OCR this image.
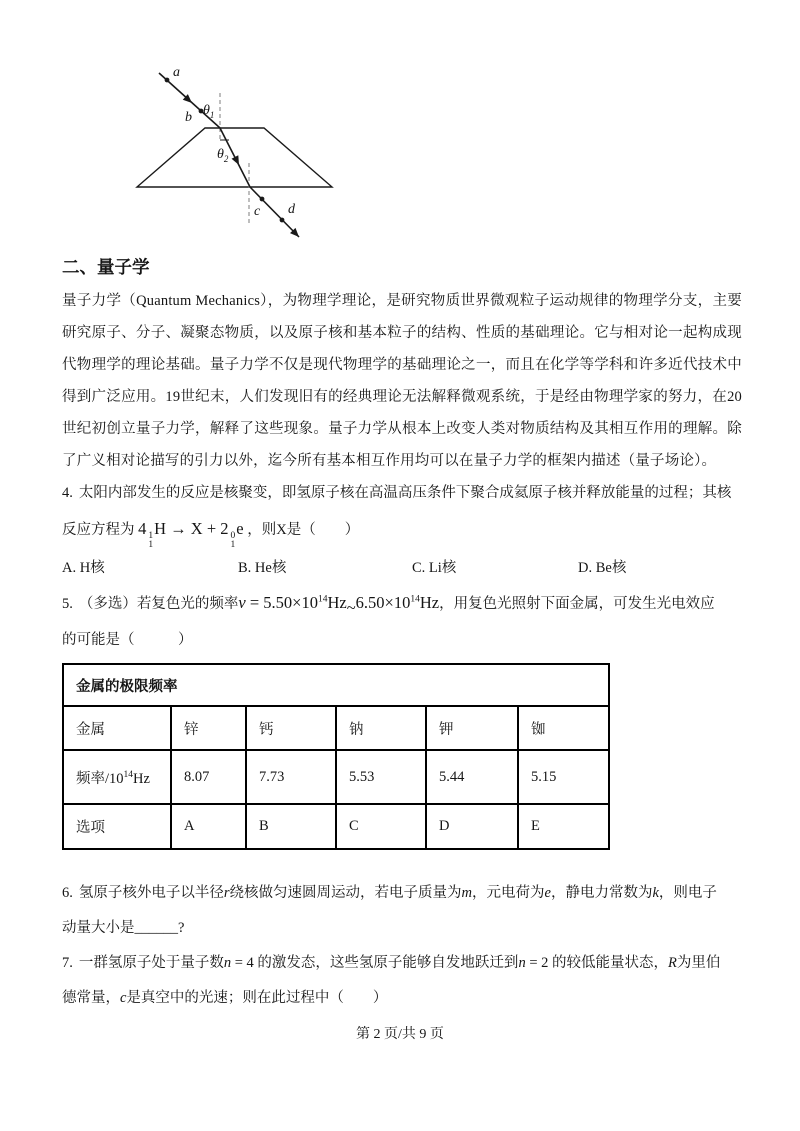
a
b
c d
$\theta_1$
$\theta_2$
二、量子学

量子力学（Quantum Mechanics），为物理学理论，是研究物质世界微观粒子运动规律的物理学分支，主要研究原子、分子、凝聚态物质，以及原子核和基本粒子的结构、性质的基础理论。它与相对论一起构成现代物理学的理论基础。量子力学不仅是现代物理学的基础理论之一，而且在化学等学科和许多近代技术中得到广泛应用。19世纪末，人们发现旧有的经典理论无法解释微观系统，于是经由物理学家的努力，在20世纪初创立量子力学，解释了这些现象。量子力学从根本上改变人类对物质结构及其相互作用的理解。除了广义相对论描写的引力以外，迄今所有基本相互作用均可以在量子力学的框架内描述（量子场论）。

4. 太阳内部发生的反应是核聚变，即氢原子核在高温高压条件下聚合成氦原子核并释放能量的过程；其核

反应方程为 4 1
1
H → X + 2 0
1
e ，则X是（　　）

A. H核	B. He核	C. Li核	D. Be核

5. （多选）若复色光的频率$v = 5.50\times 10^{14}Hz\sim 6.50\times 10^{14}Hz$，用复色光照射下面金属，可发生光电效应

的可能是（　　　）

金属的极限频率					
金属	锌	钙	钠	钾	铷
频率$/10^{14}Hz$	8.07	7.73	5.53	5.44	5.15
选项	A	B	C	D	E

6. 氢原子核外电子以半径r绕核做匀速圆周运动，若电子质量为m，元电荷为e，静电力常数为k，则电子

动量大小是______?

7. 一群氢原子处于量子数n = 4 的激发态，这些氢原子能够自发地跃迁到n = 2 的较低能量状态，R为里伯

德常量，c是真空中的光速；则在此过程中（　　）

第 2 页/共 9 页
